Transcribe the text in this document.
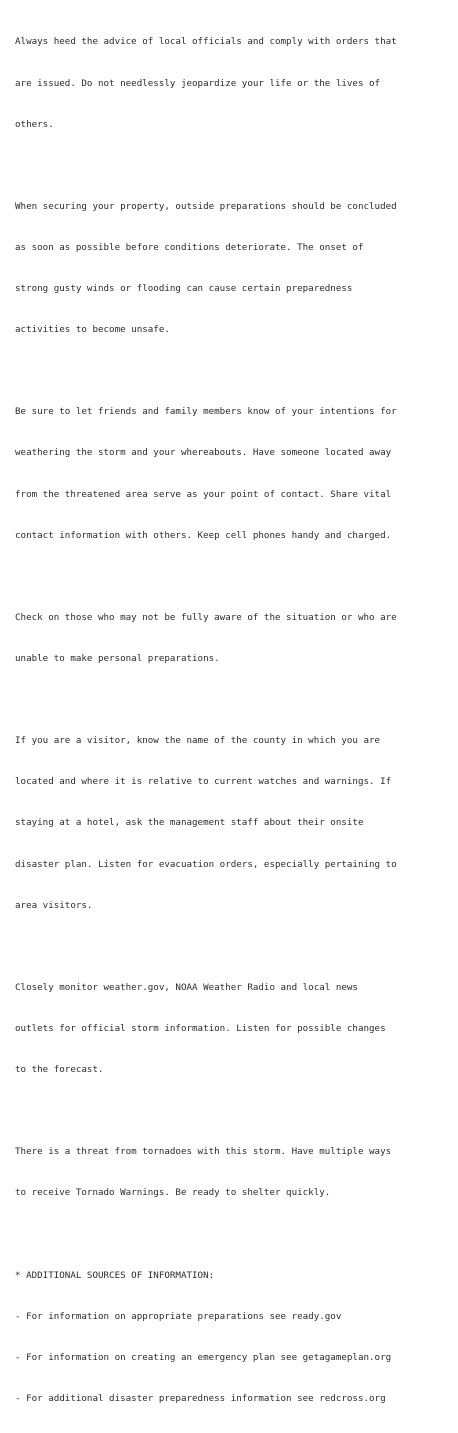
Always heed the advice of local officials and comply with orders that

are issued. Do not needlessly jeopardize your life or the lives of

others.

When securing your property, outside preparations should be concluded

as soon as possible before conditions deteriorate. The onset of

strong gusty winds or flooding can cause certain preparedness

activities to become unsafe.

Be sure to let friends and family members know of your intentions for

weathering the storm and your whereabouts. Have someone located away

from the threatened area serve as your point of contact. Share vital

contact information with others. Keep cell phones handy and charged.

Check on those who may not be fully aware of the situation or who are

unable to make personal preparations.

If you are a visitor, know the name of the county in which you are

located and where it is relative to current watches and warnings. If

staying at a hotel, ask the management staff about their onsite

disaster plan. Listen for evacuation orders, especially pertaining to

area visitors.

Closely monitor weather.gov, NOAA Weather Radio and local news

outlets for official storm information. Listen for possible changes

to the forecast.

There is a threat from tornadoes with this storm. Have multiple ways

to receive Tornado Warnings. Be ready to shelter quickly.

* ADDITIONAL SOURCES OF INFORMATION:

- For information on appropriate preparations see ready.gov

- For information on creating an emergency plan see getagameplan.org

- For additional disaster preparedness information see redcross.org
